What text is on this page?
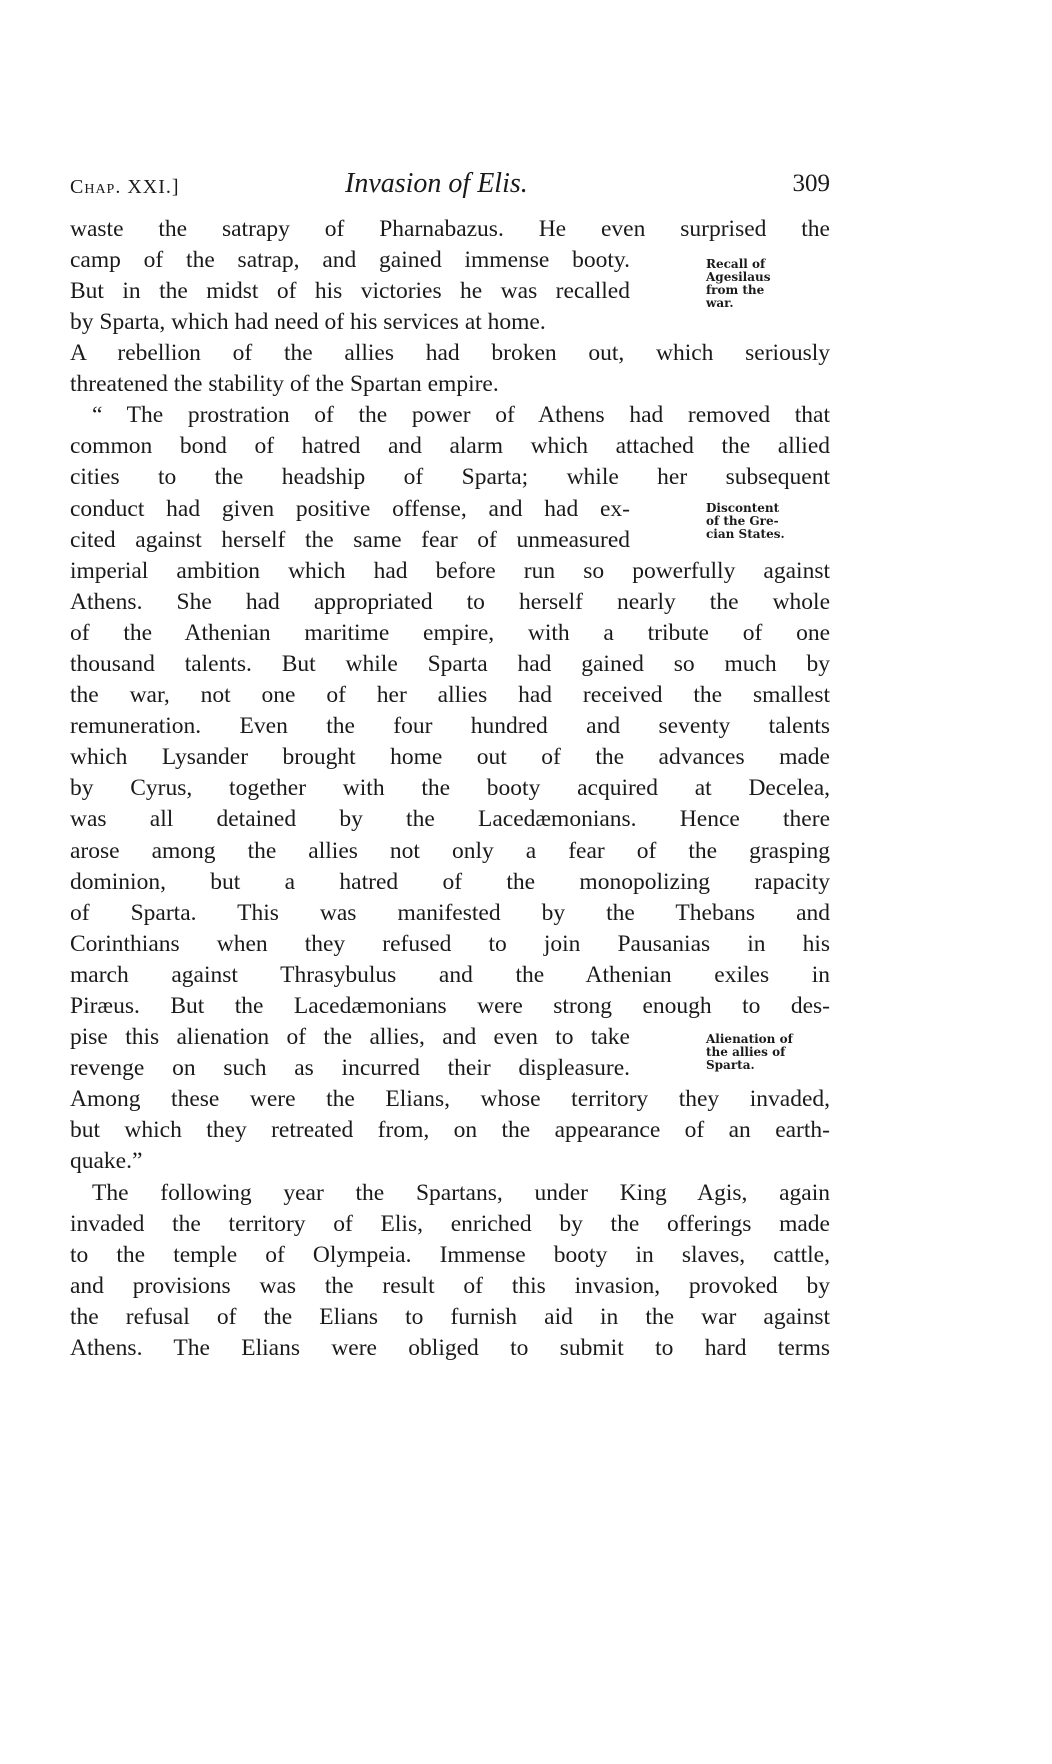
Chap. XXI.]	Invasion of Elis.	309
waste the satrapy of Pharnabazus. He even surprised the
camp of the satrap, and gained immense booty.
But in the midst of his victories he was recalled
by Sparta, which had need of his services at home.
A rebellion of the allies had broken out, which seriously
threatened the stability of the Spartan empire.
“ The prostration of the power of Athens had removed that
common bond of hatred and alarm which attached the allied
cities to the headship of Sparta; while her subsequent
conduct had given positive offense, and had ex-
cited against herself the same fear of unmeasured
imperial ambition which had before run so powerfully against
Athens. She had appropriated to herself nearly the whole
of the Athenian maritime empire, with a tribute of one
thousand talents. But while Sparta had gained so much by
the war, not one of her allies had received the smallest
remuneration. Even the four hundred and seventy talents
which Lysander brought home out of the advances made
by Cyrus, together with the booty acquired at Decelea,
was all detained by the Lacedæmonians. Hence there
arose among the allies not only a fear of the grasping
dominion, but a hatred of the monopolizing rapacity
of Sparta. This was manifested by the Thebans and
Corinthians when they refused to join Pausanias in his
march against Thrasybulus and the Athenian exiles in
Piræus. But the Lacedæmonians were strong enough to des-
pise this alienation of the allies, and even to take
revenge on such as incurred their displeasure.
Among these were the Elians, whose territory they invaded,
but which they retreated from, on the appearance of an earth-
quake.”
The following year the Spartans, under King Agis, again
invaded the territory of Elis, enriched by the offerings made
to the temple of Olympeia. Immense booty in slaves, cattle,
and provisions was the result of this invasion, provoked by
the refusal of the Elians to furnish aid in the war against
Athens. The Elians were obliged to submit to hard terms
Recall of
Agesilaus
from the
war.
Discontent
of the Gre-
cian States.
Alienation of
the allies of
Sparta.
